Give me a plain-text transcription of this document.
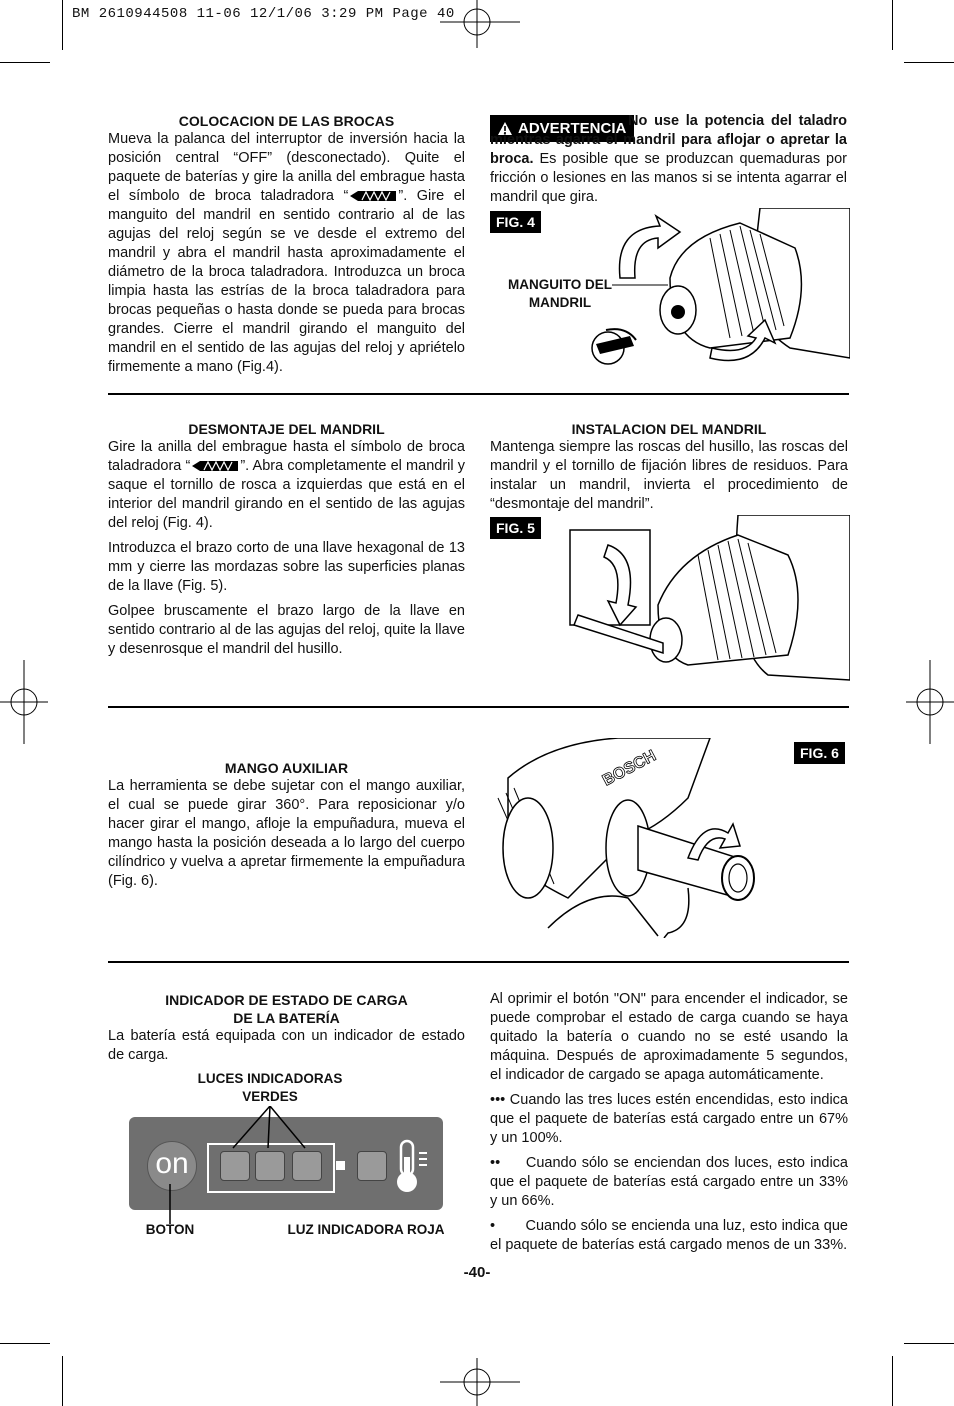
BM 2610944508 11-06 12/1/06 3:29 PM Page 40
COLOCACION DE LAS BROCAS
Mueva la palanca del interruptor de inversión hacia la posición central “OFF” (desconectado). Quite el paquete de baterías y gire la anilla del embrague hasta el símbolo de broca taladradora “	”. Gire el manguito del mandril en sentido contrario al de las agujas del reloj según se ve desde el extremo del mandril y abra el mandril hasta aproximadamente el diámetro de la broca taladradora. Introduzca un broca limpia hasta las estrías de la broca taladradora para brocas pequeñas o hasta donde se pueda para brocas grandes. Cierre el mandril girando el manguito del mandril en el sentido de las agujas del reloj y apriételo firmemente a mano (Fig.4).
ADVERTENCIA No use la potencia del taladro mientras agarra el mandril para aflojar o apretar la broca. Es posible que se produzcan quemaduras por fricción o lesiones en las manos si se intenta agarrar el mandril que gira.
FIG. 4
MANGUITO DEL MANDRIL
DESMONTAJE DEL MANDRIL

Gire la anilla del embrague hasta el símbolo de broca taladradora “	”. Abra completamente el mandril y saque el tornillo de rosca a izquierdas que está en el interior del mandril girando en el sentido de las agujas del reloj (Fig. 4).

Introduzca el brazo corto de una llave hexagonal de 13 mm y cierre las mordazas sobre las superficies planas de la llave (Fig. 5).

Golpee bruscamente el brazo largo de la llave en sentido contrario al de las agujas del reloj, quite la llave y desenrosque el mandril del husillo.

INSTALACION DEL MANDRIL
Mantenga siempre las roscas del husillo, las roscas del mandril y el tornillo de fijación libres de residuos. Para instalar un mandril, invierta el procedimiento de “desmontaje del mandril”.
FIG. 5
MANGO AUXILIAR
La herramienta se debe sujetar con el mango auxiliar, el cual se puede girar 360°. Para reposicionar y/o hacer girar el mango, afloje la empuñadura, mueva el mango hasta la posición deseada a lo largo del cuerpo cilíndrico y vuelva a apretar firmemente la empuñadura (Fig. 6).
FIG. 6
BOSCH
INDICADOR DE ESTADO DE CARGA
DE LA BATERÍA
La batería está equipada con un indicador de estado de carga.
LUCES INDICADORAS
VERDES
on
BOTON	LUZ INDICADORA ROJA

Al oprimir el botón "ON" para encender el indicador, se puede comprobar el estado de carga cuando se haya quitado la batería o cuando no se esté usando la máquina. Después de aproximadamente 5 segundos, el indicador de cargado se apaga automáticamente.

••• Cuando las tres luces estén encendidas, esto indica que el paquete de baterías está cargado entre un 67% y un 100%.

•• Cuando sólo se enciendan dos luces, esto indica que el paquete de baterías está cargado entre un 33% y un 66%.

• Cuando sólo se encienda una luz, esto indica que el paquete de baterías está cargado menos de un 33%.

-40-
